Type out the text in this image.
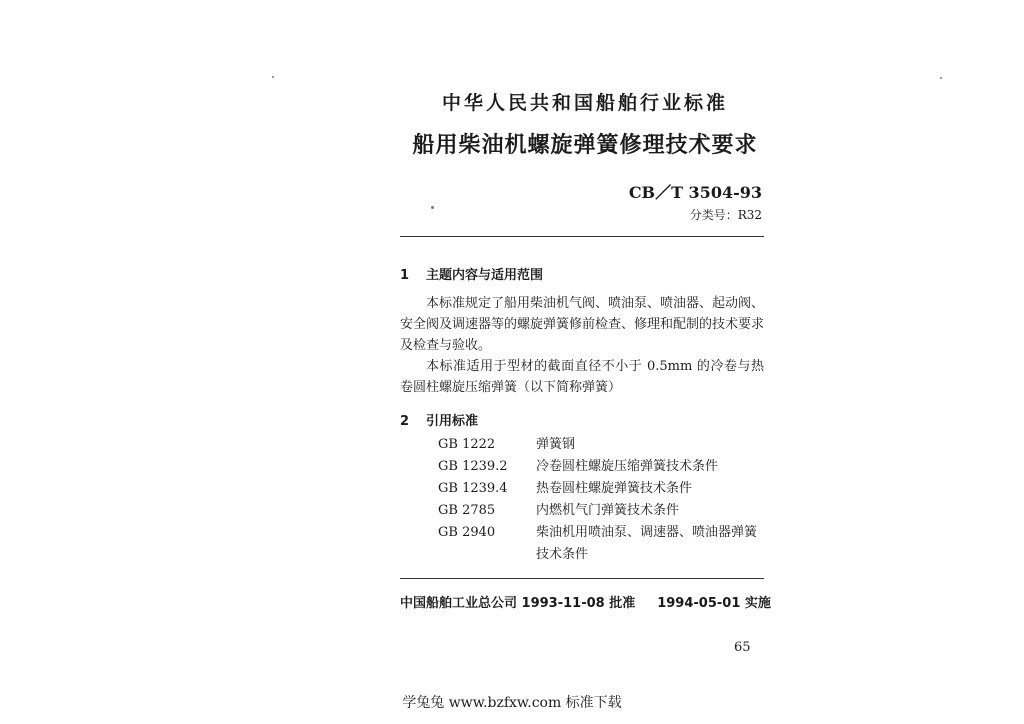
中华人民共和国船舶行业标准
船用柴油机螺旋弹簧修理技术要求
CB／T 3504-93
分类号：R32
1 主题内容与适用范围
本标准规定了船用柴油机气阀、喷油泵、喷油器、起动阀、安全阀及调速器等的螺旋弹簧修前检查、修理和配制的技术要求及检查与验收。
本标准适用于型材的截面直径不小于 0.5mm 的冷卷与热卷圆柱螺旋压缩弹簧（以下简称弹簧）
2 引用标准
GB 1222	弹簧钢
GB 1239.2	冷卷圆柱螺旋压缩弹簧技术条件
GB 1239.4	热卷圆柱螺旋弹簧技术条件
GB 2785	内燃机气门弹簧技术条件
GB 2940	柴油机用喷油泵、调速器、喷油器弹簧技术条件
中国船舶工业总公司 1993-11-08 批准 1994-05-01 实施
65
学兔兔 www.bzfxw.com 标准下载
